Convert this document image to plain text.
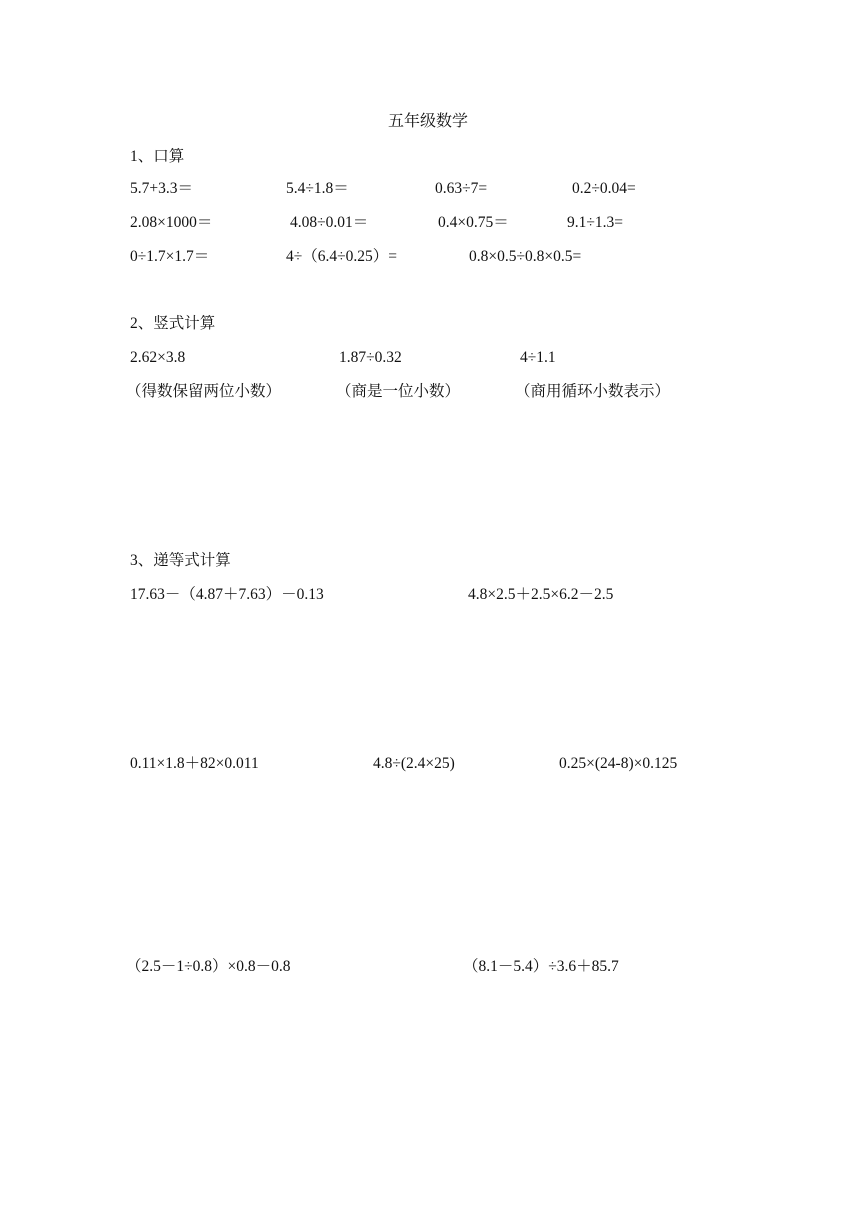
五年级数学
1、口算
5.7+3.3＝	5.4÷1.8＝	0.63÷7=	0.2÷0.04=
2.08×1000＝	4.08÷0.01＝	0.4×0.75＝	9.1÷1.3=
0÷1.7×1.7＝	4÷（6.4÷0.25）=	0.8×0.5÷0.8×0.5=
2、竖式计算
2.62×3.8	1.87÷0.32	4÷1.1
（得数保留两位小数）	（商是一位小数）	（商用循环小数表示）
3、递等式计算
17.63－（4.87＋7.63）－0.13	4.8×2.5＋2.5×6.2－2.5
0.11×1.8＋82×0.011	4.8÷(2.4×25)	0.25×(24-8)×0.125
（2.5－1÷0.8）×0.8－0.8	（8.1－5.4）÷3.6＋85.7
